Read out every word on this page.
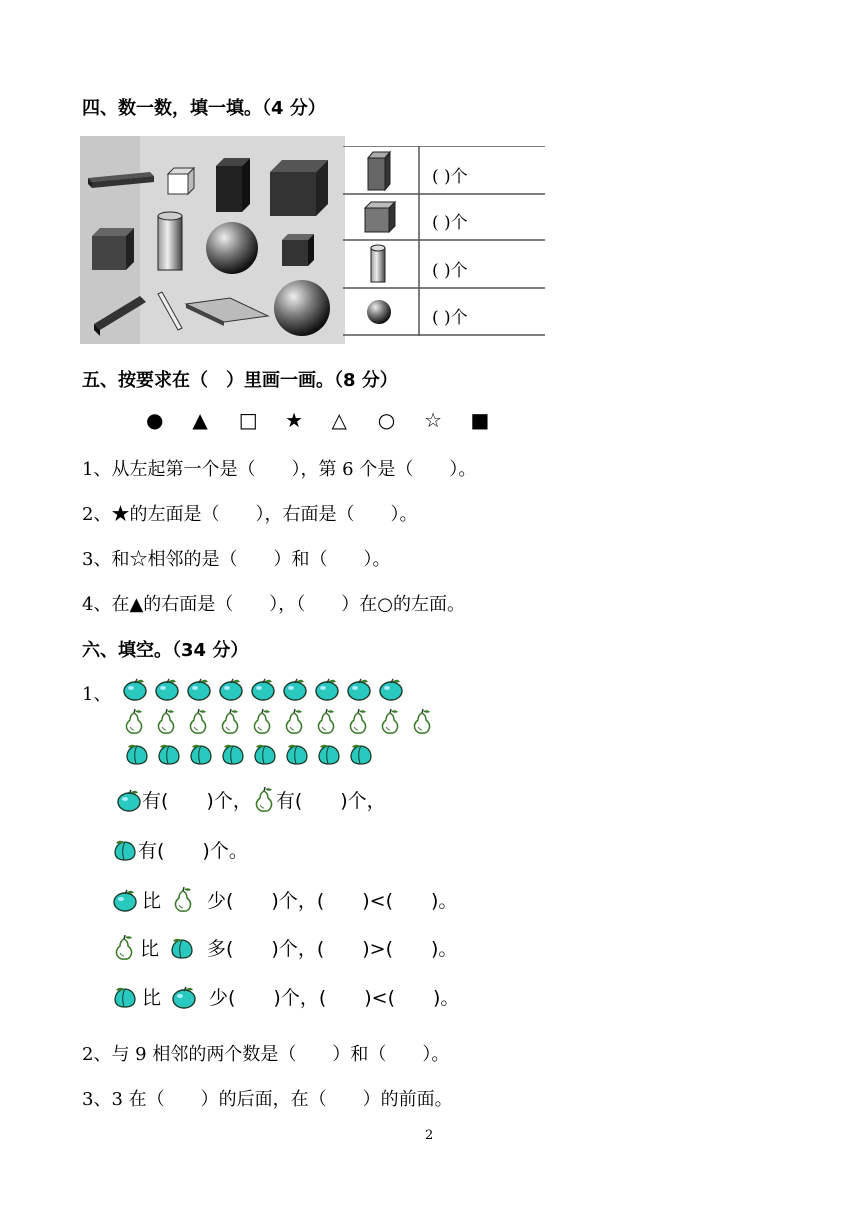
四、数一数，填一填。（4 分）
( )个
( )个
( )个
( )个
五、按要求在（　）里画一画。（8 分）
● ▲ □ ★ △ ○ ☆ ■
1、从左起第一个是（　　），第 6 个是（　　）。
2、★的左面是（　　），右面是（　　）。
3、和☆相邻的是（　　）和（　　）。
4、在▲的右面是（　　），（　　）在○的左面。
六、填空。（34 分）
1、
有(　　)个， 有(　　)个，
有(　　)个。
比 少(　　)个，(　　)<(　　)。
比	多(　　)个，(　　)>(　　)。
比	少(　　)个，(　　)<(　　)。
2、与 9 相邻的两个数是（　　）和（　　）。
3、3 在（　　）的后面，在（　　）的前面。
2
